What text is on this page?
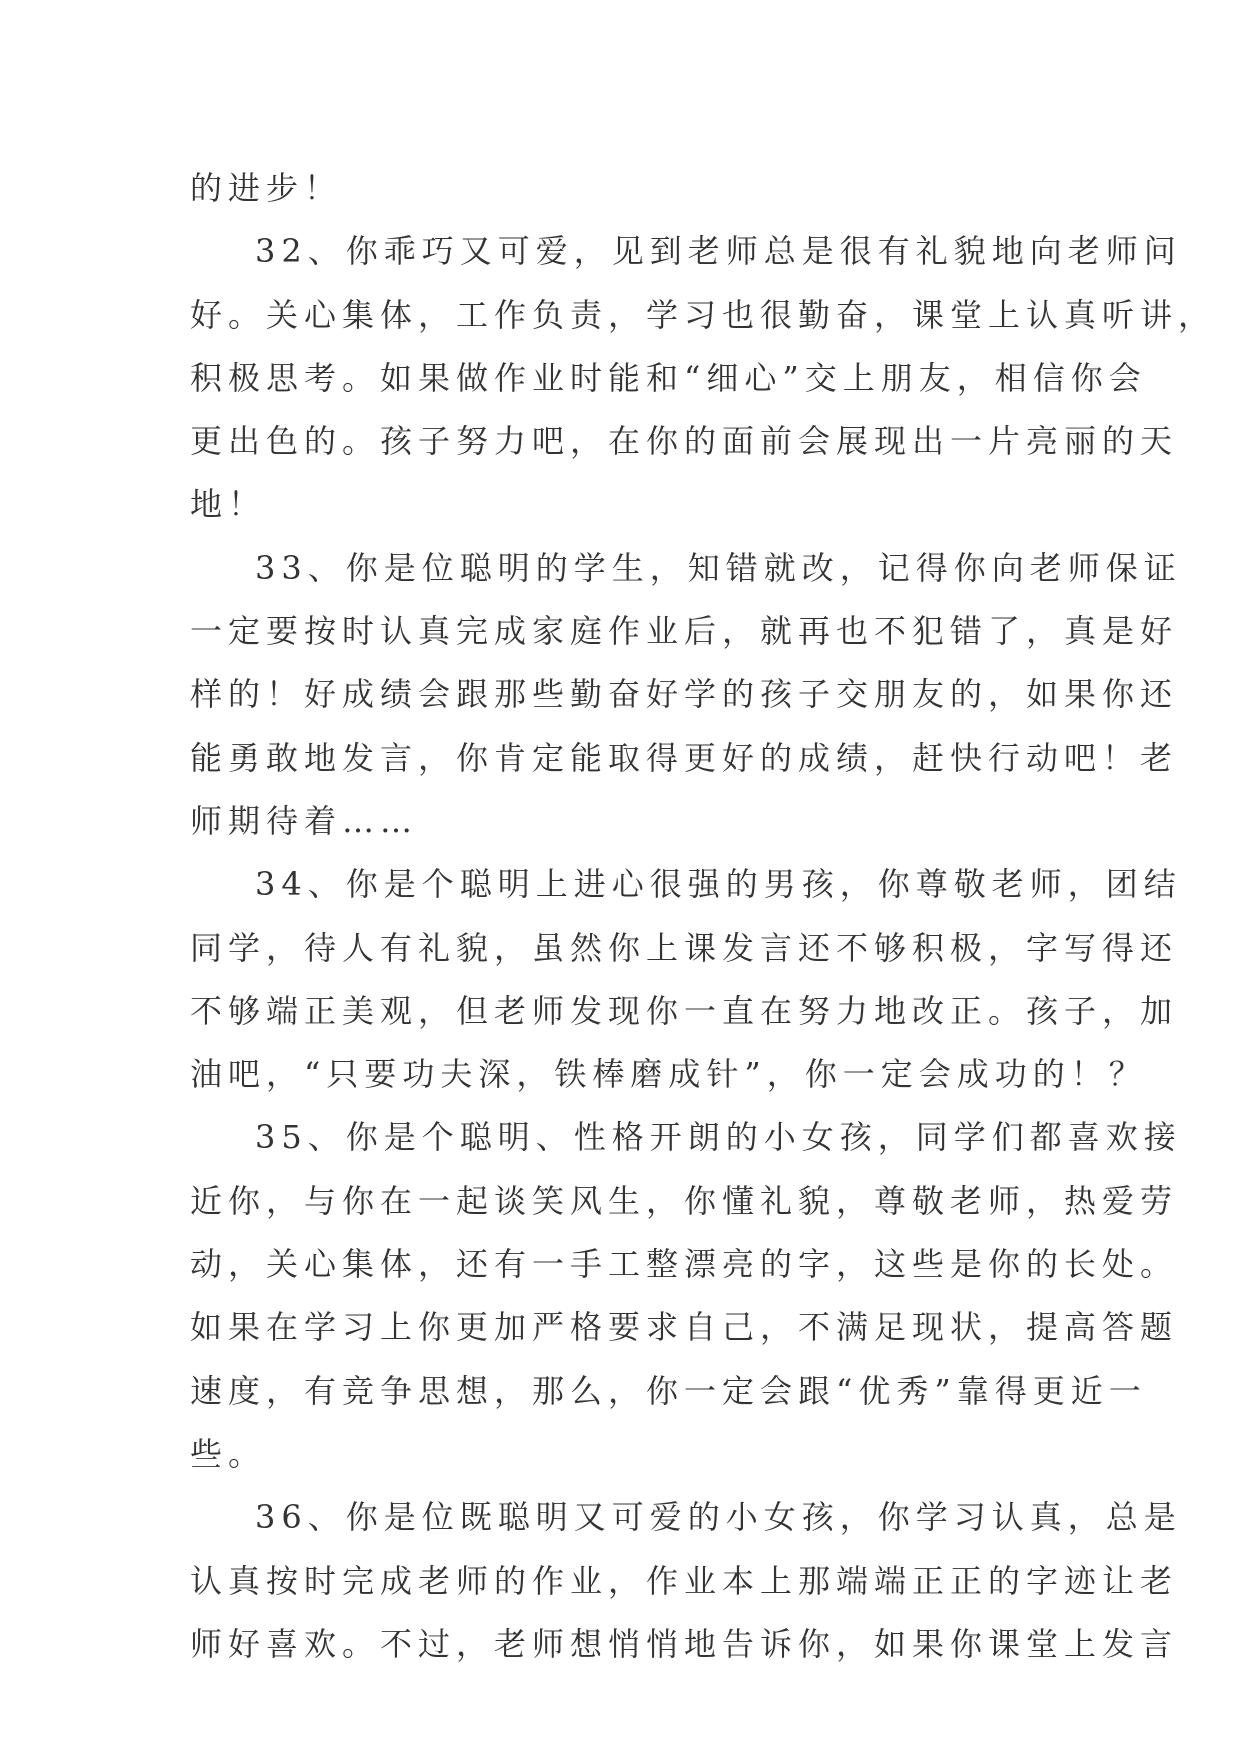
的进步！
32、你乖巧又可爱，见到老师总是很有礼貌地向老师问
好。关心集体，工作负责，学习也很勤奋，课堂上认真听讲，
积极思考。如果做作业时能和“细心”交上朋友，相信你会
更出色的。孩子努力吧，在你的面前会展现出一片亮丽的天
地！
33、你是位聪明的学生，知错就改，记得你向老师保证
一定要按时认真完成家庭作业后，就再也不犯错了，真是好
样的！好成绩会跟那些勤奋好学的孩子交朋友的，如果你还
能勇敢地发言，你肯定能取得更好的成绩，赶快行动吧！老
师期待着……
34、你是个聪明上进心很强的男孩，你尊敬老师，团结
同学，待人有礼貌，虽然你上课发言还不够积极，字写得还
不够端正美观，但老师发现你一直在努力地改正。孩子，加
油吧，“只要功夫深，铁棒磨成针”，你一定会成功的！？
35、你是个聪明、性格开朗的小女孩，同学们都喜欢接
近你，与你在一起谈笑风生，你懂礼貌，尊敬老师，热爱劳
动，关心集体，还有一手工整漂亮的字，这些是你的长处。
如果在学习上你更加严格要求自己，不满足现状，提高答题
速度，有竞争思想，那么，你一定会跟“优秀”靠得更近一
些。
36、你是位既聪明又可爱的小女孩，你学习认真，总是
认真按时完成老师的作业，作业本上那端端正正的字迹让老
师好喜欢。不过，老师想悄悄地告诉你，如果你课堂上发言
